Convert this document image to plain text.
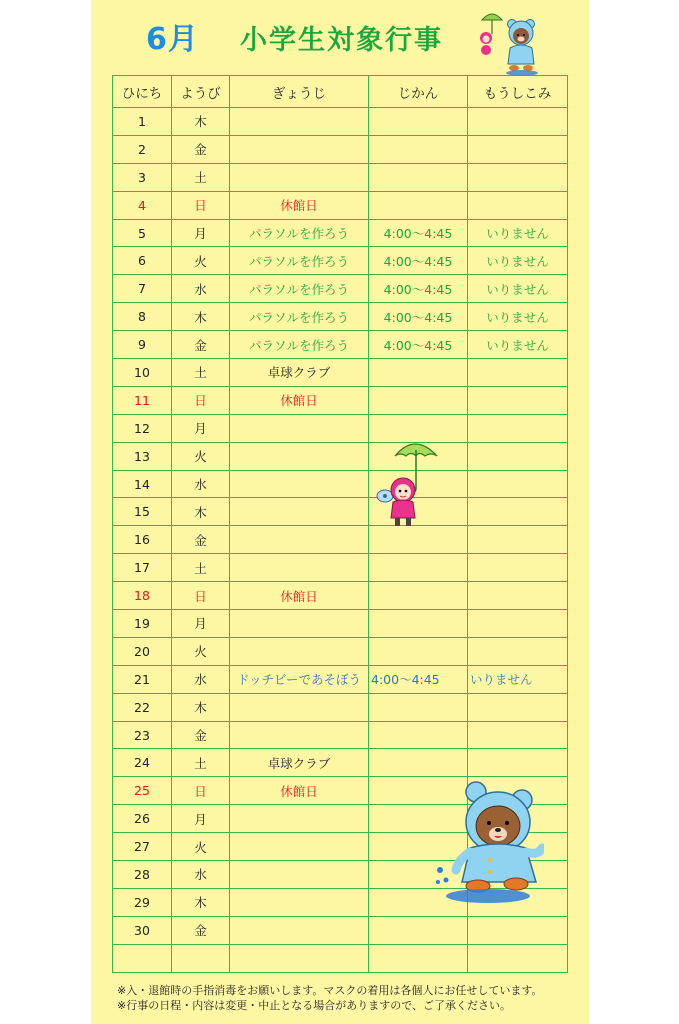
6月 小学生対象行事
ひにち	ようび	ぎょうじ	じかん	もうしこみ
1	木			
2	金			
3	土			
4	日	休館日		
5	月	パラソルを作ろう	4:00～4:45	いりません
6	火	パラソルを作ろう	4:00～4:45	いりません
7	水	パラソルを作ろう	4:00～4:45	いりません
8	木	パラソルを作ろう	4:00～4:45	いりません
9	金	パラソルを作ろう	4:00～4:45	いりません
10	土	卓球クラブ		
11	日	休館日		
12	月			
13	火			
14	水			
15	木			
16	金			
17	土			
18	日	休館日		
19	月			
20	火			
21	水	ドッチビーであそぼう	4:00～4:45	いりません

22	木			
23	金			
24	土	卓球クラブ		
25	日	休館日		
26	月			
27	火			
28	水			
29	木			
30	金			

※入・退館時の手指消毒をお願いします。マスクの着用は各個人にお任せしています。
※行事の日程・内容は変更・中止となる場合がありますので、ご了承ください。
